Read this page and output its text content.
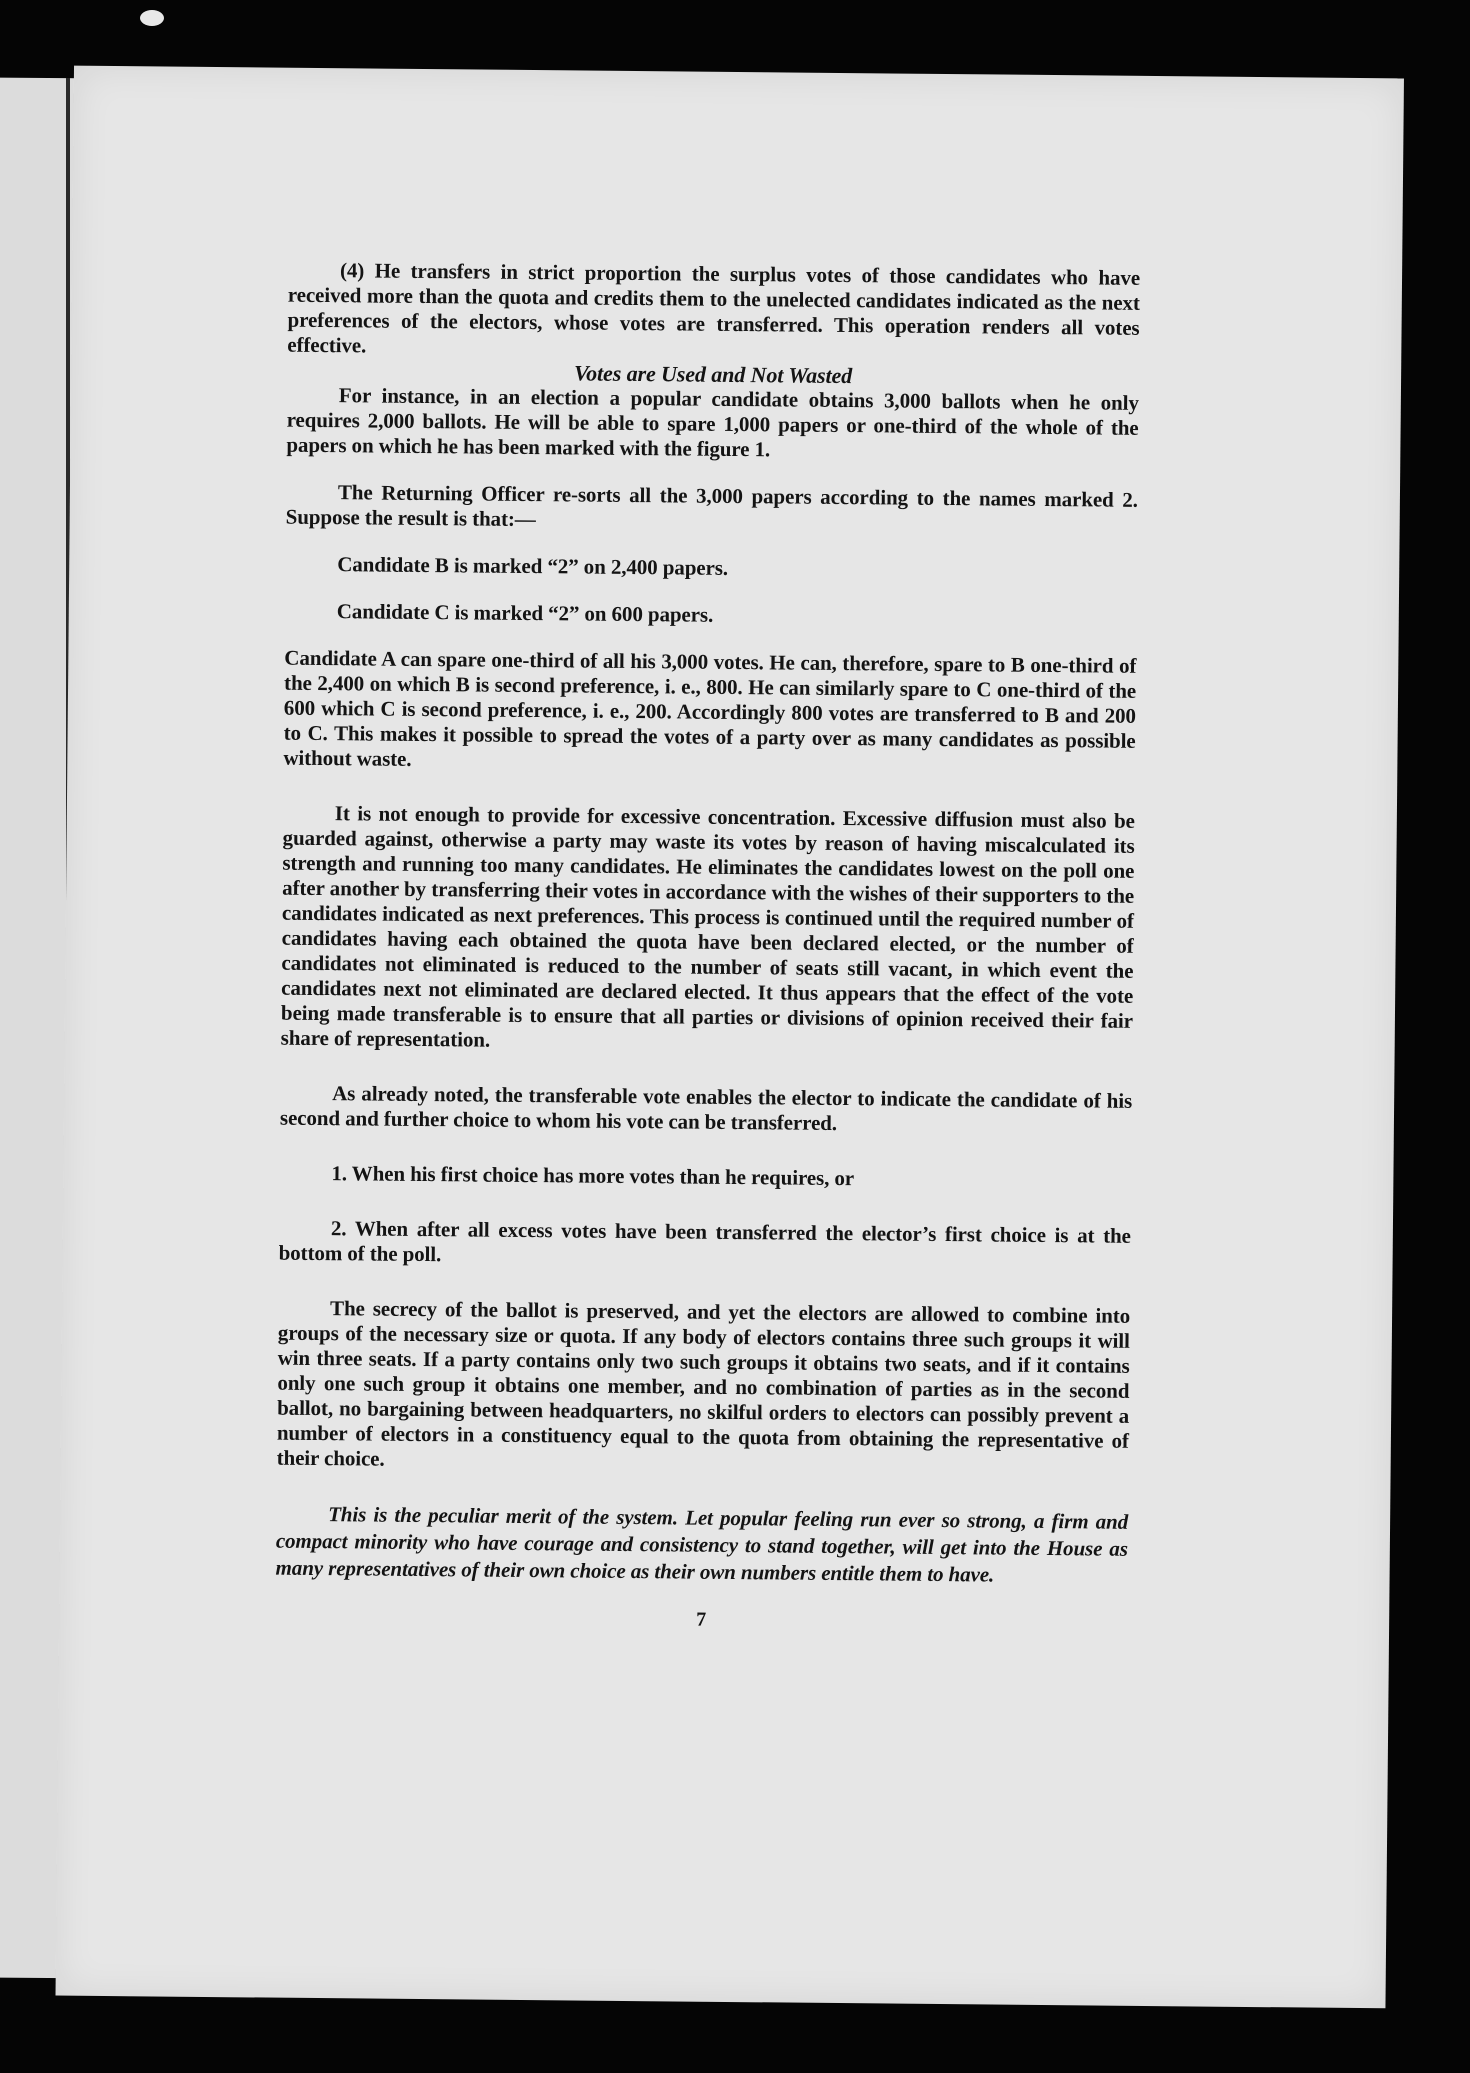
(4) He transfers in strict proportion the surplus votes of those candidates who have received more than the quota and credits them to the unelected candidates indicated as the next preferences of the electors, whose votes are transferred. This operation renders all votes effective.

Votes are Used and Not Wasted

For instance, in an election a popular candidate obtains 3,000 ballots when he only requires 2,000 ballots. He will be able to spare 1,000 papers or one-third of the whole of the papers on which he has been marked with the figure 1.

The Returning Officer re-sorts all the 3,000 papers according to the names marked 2. Suppose the result is that:—

Candidate B is marked “2” on 2,400 papers.

Candidate C is marked “2” on 600 papers.

Candidate A can spare one-third of all his 3,000 votes. He can, therefore, spare to B one-third of the 2,400 on which B is second preference, i. e., 800. He can similarly spare to C one-third of the 600 which C is second preference, i. e., 200. Accordingly 800 votes are transferred to B and 200 to C. This makes it possible to spread the votes of a party over as many candidates as possible without waste.

It is not enough to provide for excessive concentration. Excessive diffusion must also be guarded against, otherwise a party may waste its votes by reason of having miscalculated its strength and running too many candidates. He eliminates the candidates lowest on the poll one after another by transferring their votes in accordance with the wishes of their supporters to the candidates indicated as next preferences. This process is continued until the required number of candidates having each obtained the quota have been declared elected, or the number of candidates not eliminated is reduced to the number of seats still vacant, in which event the candidates next not eliminated are declared elected. It thus appears that the effect of the vote being made transferable is to ensure that all parties or divisions of opinion received their fair share of representation.

As already noted, the transferable vote enables the elector to indicate the candidate of his second and further choice to whom his vote can be transferred.

1. When his first choice has more votes than he requires, or

2. When after all excess votes have been transferred the elector’s first choice is at the bottom of the poll.

The secrecy of the ballot is preserved, and yet the electors are allowed to combine into groups of the necessary size or quota. If any body of electors contains three such groups it will win three seats. If a party contains only two such groups it obtains two seats, and if it contains only one such group it obtains one member, and no combination of parties as in the second ballot, no bargaining between headquarters, no skilful orders to electors can possibly prevent a number of electors in a constituency equal to the quota from obtaining the representative of their choice.

This is the peculiar merit of the system. Let popular feeling run ever so strong, a firm and compact minority who have courage and consistency to stand together, will get into the House as many representatives of their own choice as their own numbers entitle them to have.

7
